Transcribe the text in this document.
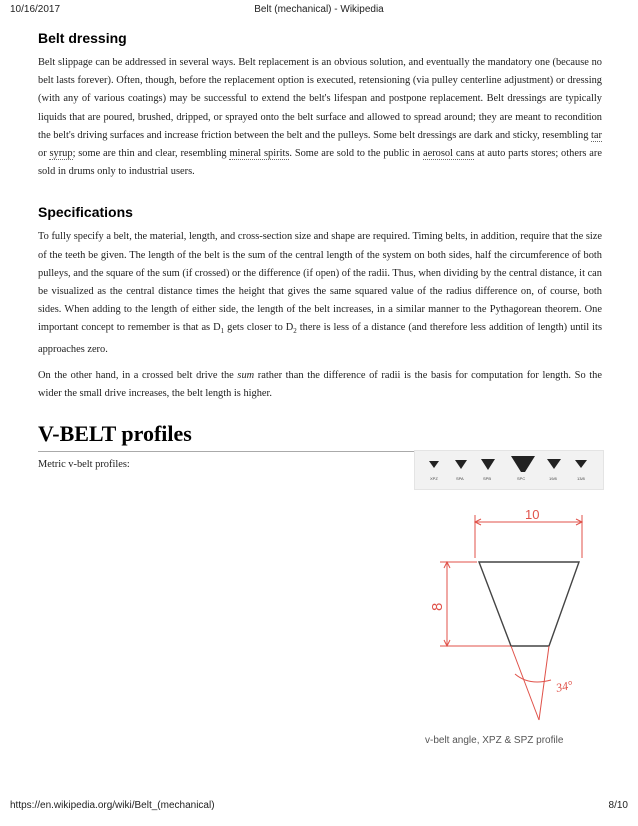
10/16/2017	Belt (mechanical) - Wikipedia
Belt dressing

Belt slippage can be addressed in several ways. Belt replacement is an obvious solution, and eventually the mandatory one (because no belt lasts forever). Often, though, before the replacement option is executed, retensioning (via pulley centerline adjustment) or dressing (with any of various coatings) may be successful to extend the belt's lifespan and postpone replacement. Belt dressings are typically liquids that are poured, brushed, dripped, or sprayed onto the belt surface and allowed to spread around; they are meant to recondition the belt's driving surfaces and increase friction between the belt and the pulleys. Some belt dressings are dark and sticky, resembling tar or syrup; some are thin and clear, resembling mineral spirits. Some are sold to the public in aerosol cans at auto parts stores; others are sold in drums only to industrial users.

Specifications

To fully specify a belt, the material, length, and cross-section size and shape are required. Timing belts, in addition, require that the size of the teeth be given. The length of the belt is the sum of the central length of the system on both sides, half the circumference of both pulleys, and the square of the sum (if crossed) or the difference (if open) of the radii. Thus, when dividing by the central distance, it can be visualized as the central distance times the height that gives the same squared value of the radius difference on, of course, both sides. When adding to the length of either side, the length of the belt increases, in a similar manner to the Pythagorean theorem. One important concept to remember is that as $D_1$ gets closer to $D_2$ there is less of a distance (and therefore less addition of length) until its approaches zero.

On the other hand, in a crossed belt drive the sum rather than the difference of radii is the basis for computation for length. So the wider the small drive increases, the belt length is higher.

V-BELT profiles

Metric v-belt profiles:

XPZ	SPA	SPB	SPC	19/8	13/8
10
8
34°
v-belt angle, XPZ & SPZ profile
https://en.wikipedia.org/wiki/Belt_(mechanical)	8/10
